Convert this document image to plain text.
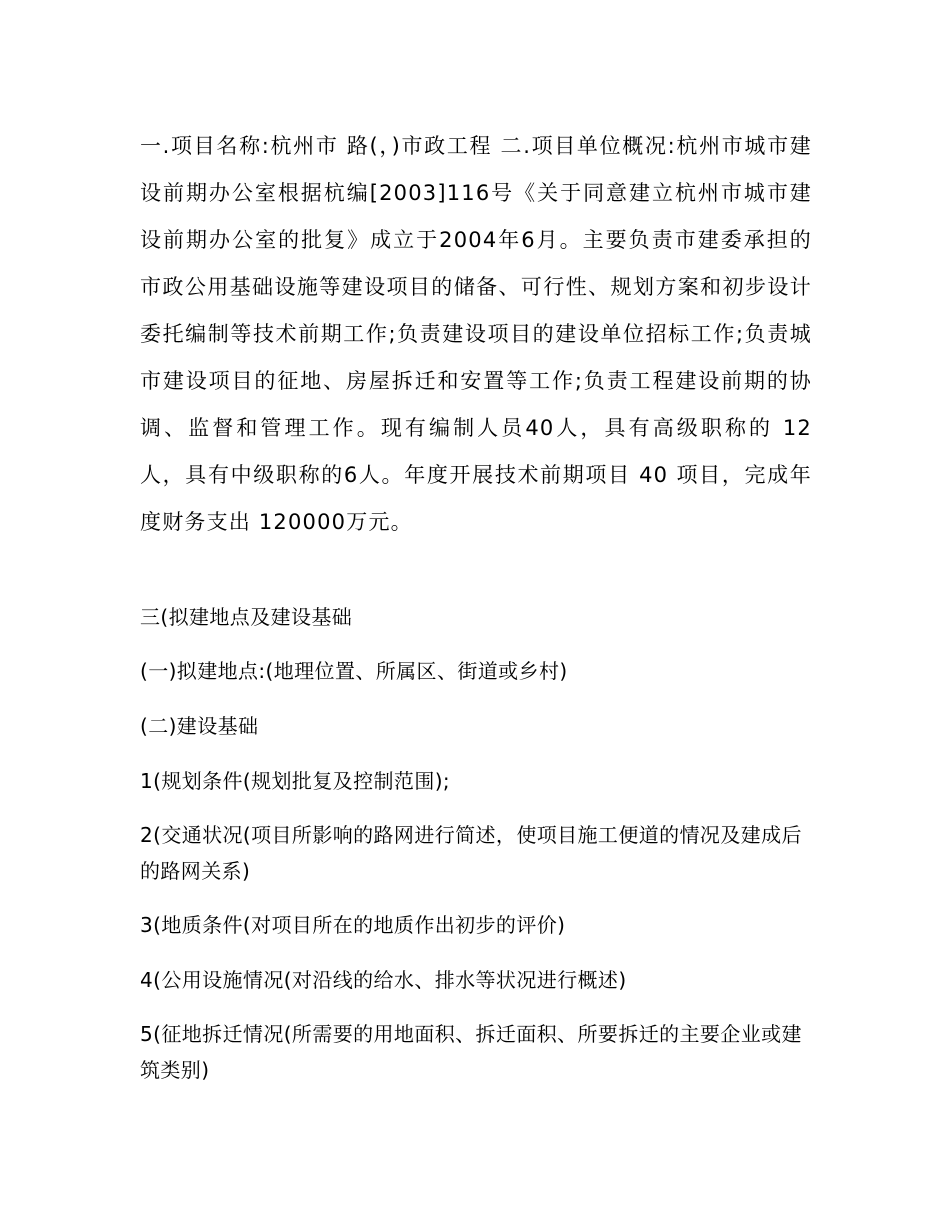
一.项目名称:杭州市 路(，)市政工程 二.项目单位概况:杭州市城市建设前期办公室根据杭编[2003]116号《关于同意建立杭州市城市建设前期办公室的批复》成立于2004年6月。主要负责市建委承担的市政公用基础设施等建设项目的储备、可行性、规划方案和初步设计委托编制等技术前期工作;负责建设项目的建设单位招标工作;负责城市建设项目的征地、房屋拆迁和安置等工作;负责工程建设前期的协调、监督和管理工作。现有编制人员40人，具有高级职称的 12 人，具有中级职称的6人。年度开展技术前期项目 40 项目，完成年度财务支出 120000万元。

三(拟建地点及建设基础

(一)拟建地点:(地理位置、所属区、街道或乡村)

(二)建设基础

1(规划条件(规划批复及控制范围);

2(交通状况(项目所影响的路网进行简述，使项目施工便道的情况及建成后的路网关系)

3(地质条件(对项目所在的地质作出初步的评价)

4(公用设施情况(对沿线的给水、排水等状况进行概述)

5(征地拆迁情况(所需要的用地面积、拆迁面积、所要拆迁的主要企业或建筑类别)
